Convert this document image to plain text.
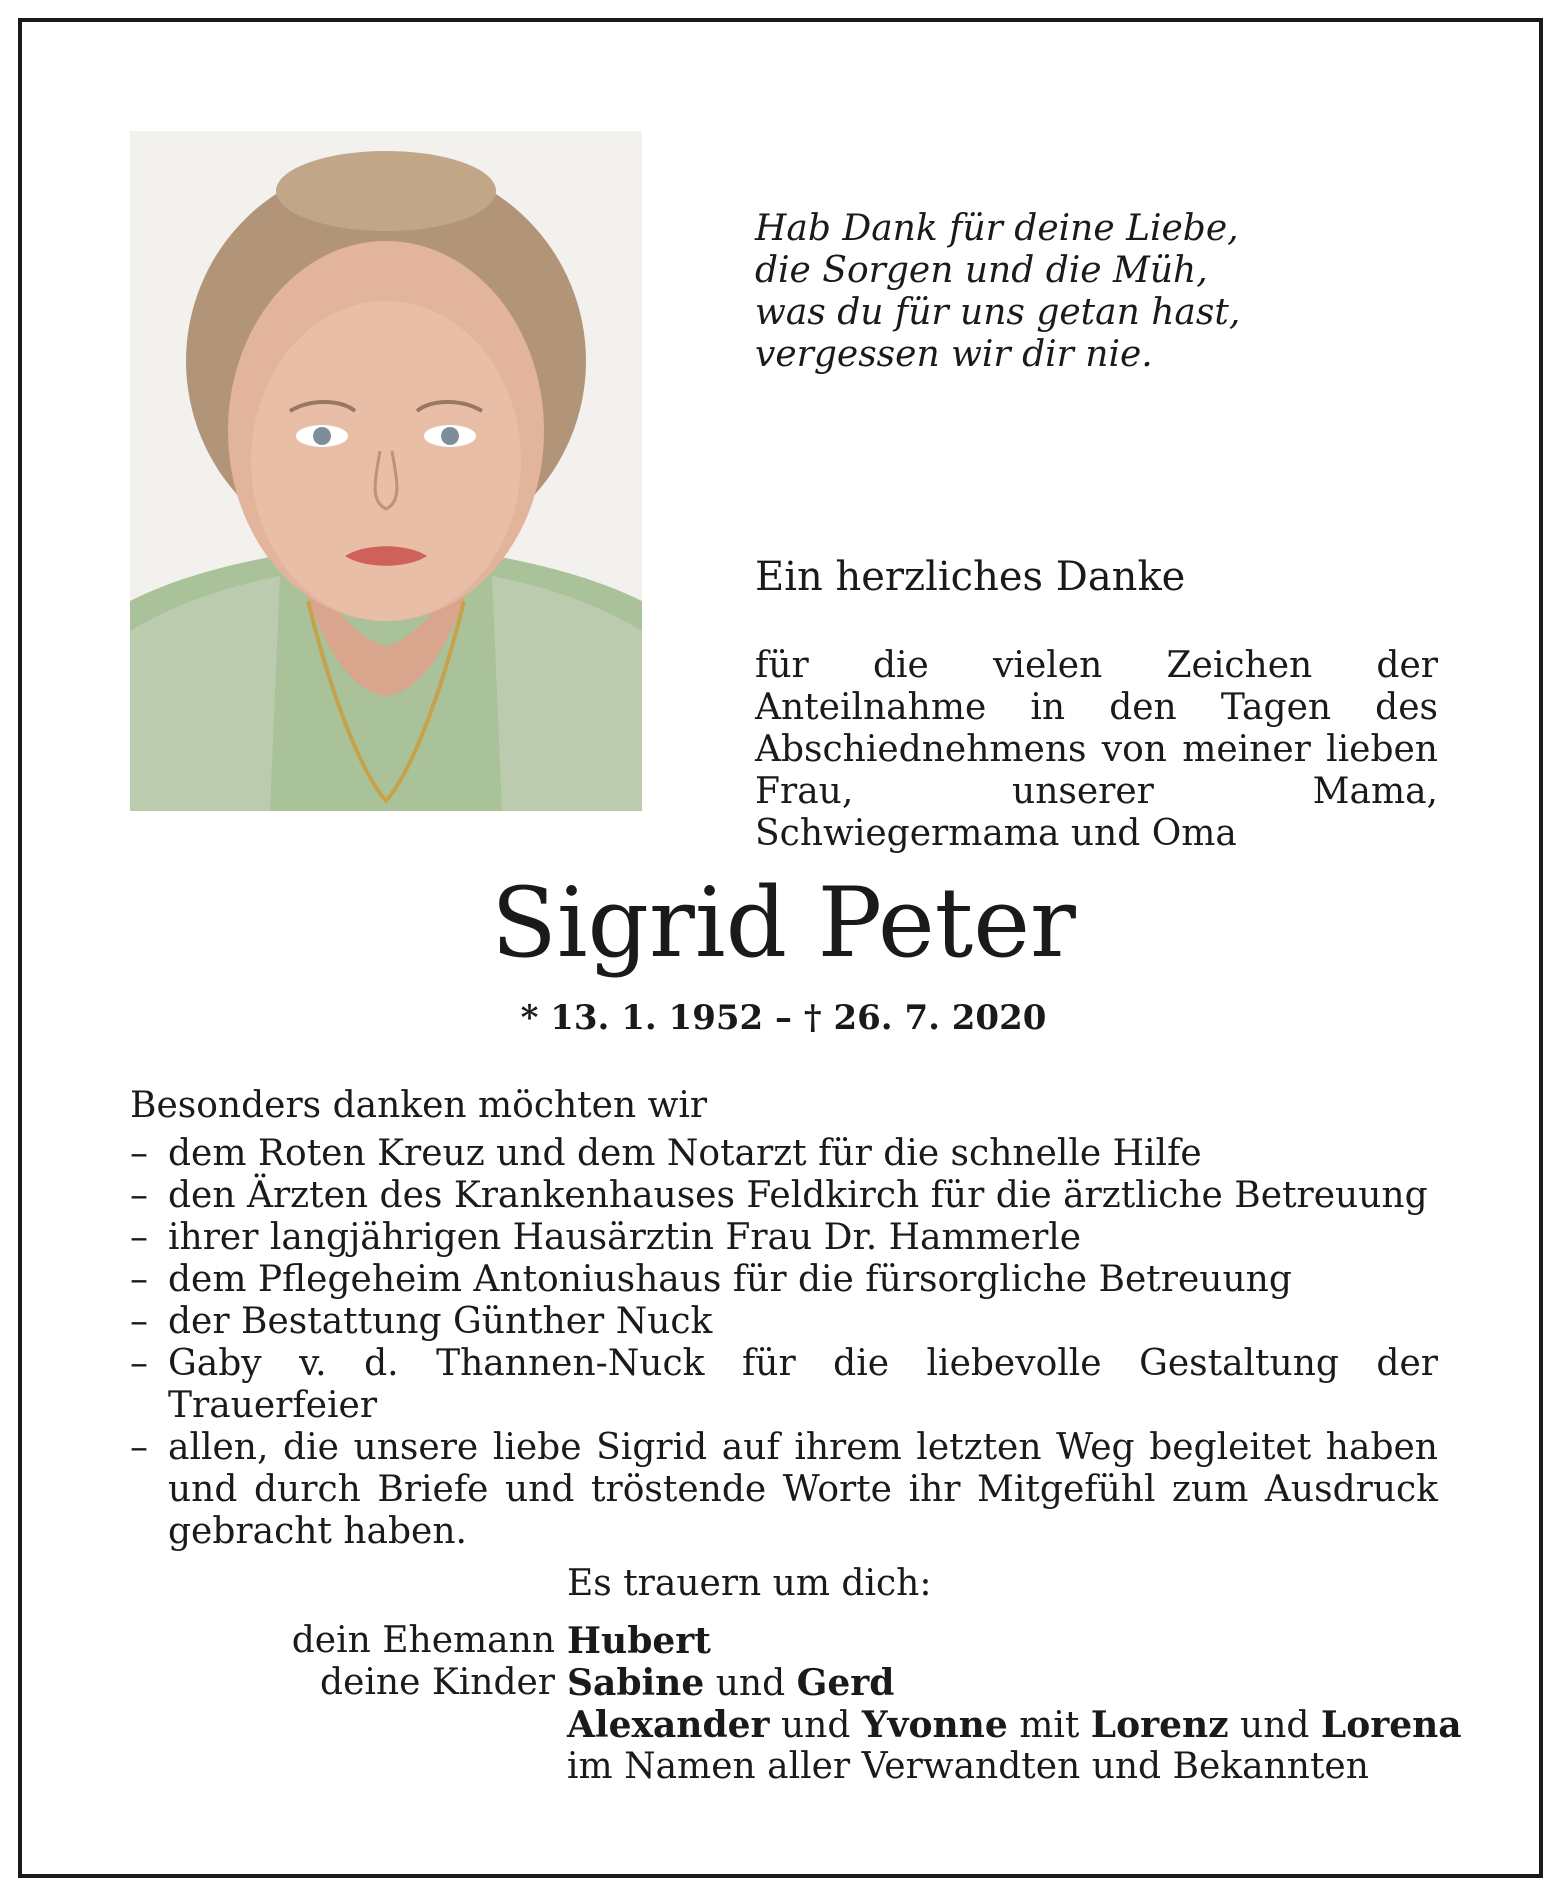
Hab Dank für deine Liebe,
die Sorgen und die Müh,
was du für uns getan hast,
vergessen wir dir nie.
Ein herzliches Danke

für die vielen Zeichen der Anteilnahme in den Tagen des Abschiednehmens von meiner lieben Frau, unserer Mama, Schwiegermama und Oma

Sigrid Peter
* 13. 1. 1952 – † 26. 7. 2020

Besonders danken möchten wir

– dem Roten Kreuz und dem Notarzt für die schnelle Hilfe
– den Ärzten des Krankenhauses Feldkirch für die ärztliche Betreuung
– ihrer langjährigen Hausärztin Frau Dr. Hammerle
– dem Pflegeheim Antoniushaus für die fürsorgliche Betreuung
– der Bestattung Günther Nuck
– Gaby v. d. Thannen-Nuck für die liebevolle Gestaltung der Trauerfeier
– allen, die unsere liebe Sigrid auf ihrem letzten Weg begleitet haben und durch Briefe und tröstende Worte ihr Mitgefühl zum Ausdruck gebracht haben.
Es trauern um dich:
dein Ehemann Hubert
deine Kinder Sabine und Gerd
Alexander und Yvonne mit Lorenz und Lorena
im Namen aller Verwandten und Bekannten
